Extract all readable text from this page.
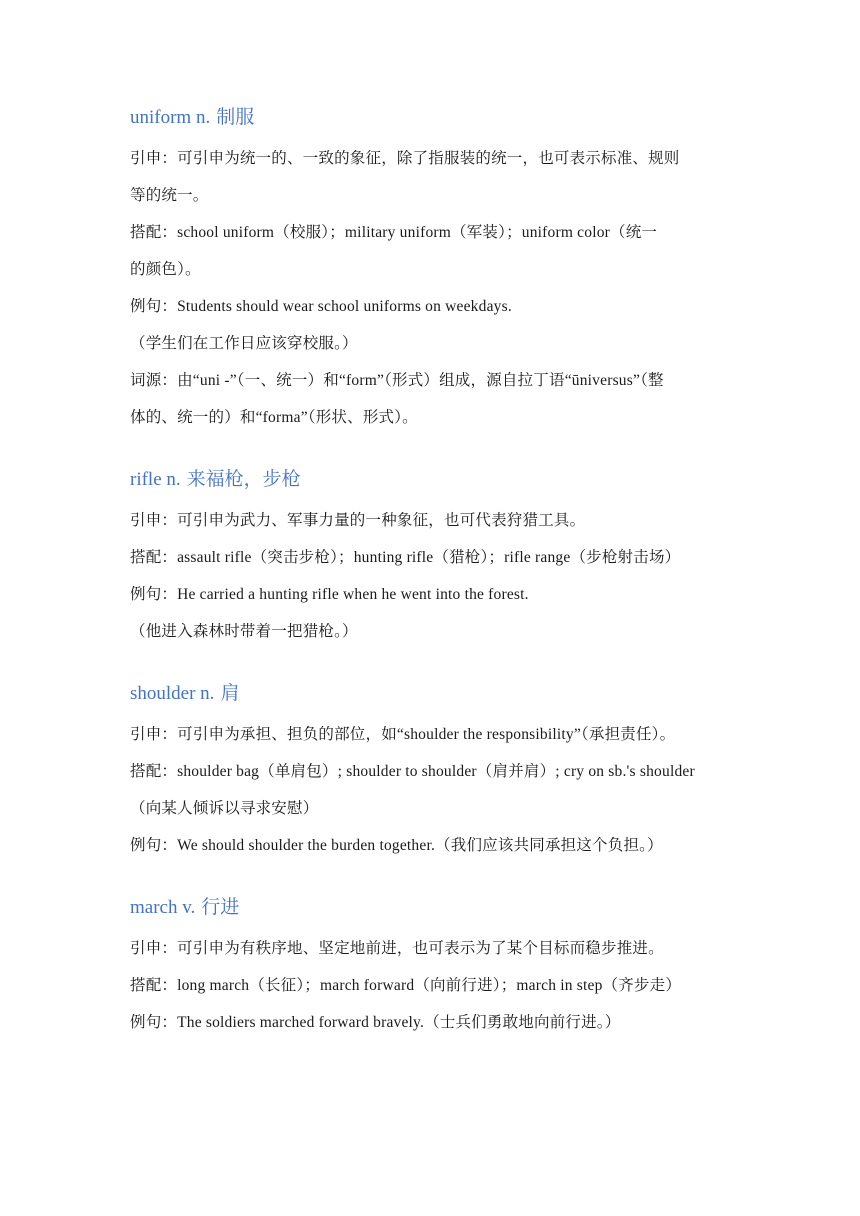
uniform n. 制服
引申：可引申为统一的、一致的象征，除了指服装的统一，也可表示标准、规则
等的统一。
搭配：school uniform（校服）；military uniform（军装）；uniform color（统一
的颜色）。
例句：Students should wear school uniforms on weekdays.
（学生们在工作日应该穿校服。）
词源：由“uni -”（一、统一）和“form”（形式）组成，源自拉丁语“ūniversus”（整
体的、统一的）和“forma”（形状、形式）。
rifle n. 来福枪，步枪
引申：可引申为武力、军事力量的一种象征，也可代表狩猎工具。
搭配：assault rifle（突击步枪）；hunting rifle（猎枪）；rifle range（步枪射击场）
例句：He carried a hunting rifle when he went into the forest.
（他进入森林时带着一把猎枪。）
shoulder n. 肩
引申：可引申为承担、担负的部位，如“shoulder the responsibility”（承担责任）。
搭配：shoulder bag（单肩包）; shoulder to shoulder（肩并肩）; cry on sb.'s shoulder
（向某人倾诉以寻求安慰）
例句：We should shoulder the burden together.（我们应该共同承担这个负担。）
march v. 行进
引申：可引申为有秩序地、坚定地前进，也可表示为了某个目标而稳步推进。
搭配：long march（长征）；march forward（向前行进）；march in step（齐步走）
例句：The soldiers marched forward bravely.（士兵们勇敢地向前行进。）
